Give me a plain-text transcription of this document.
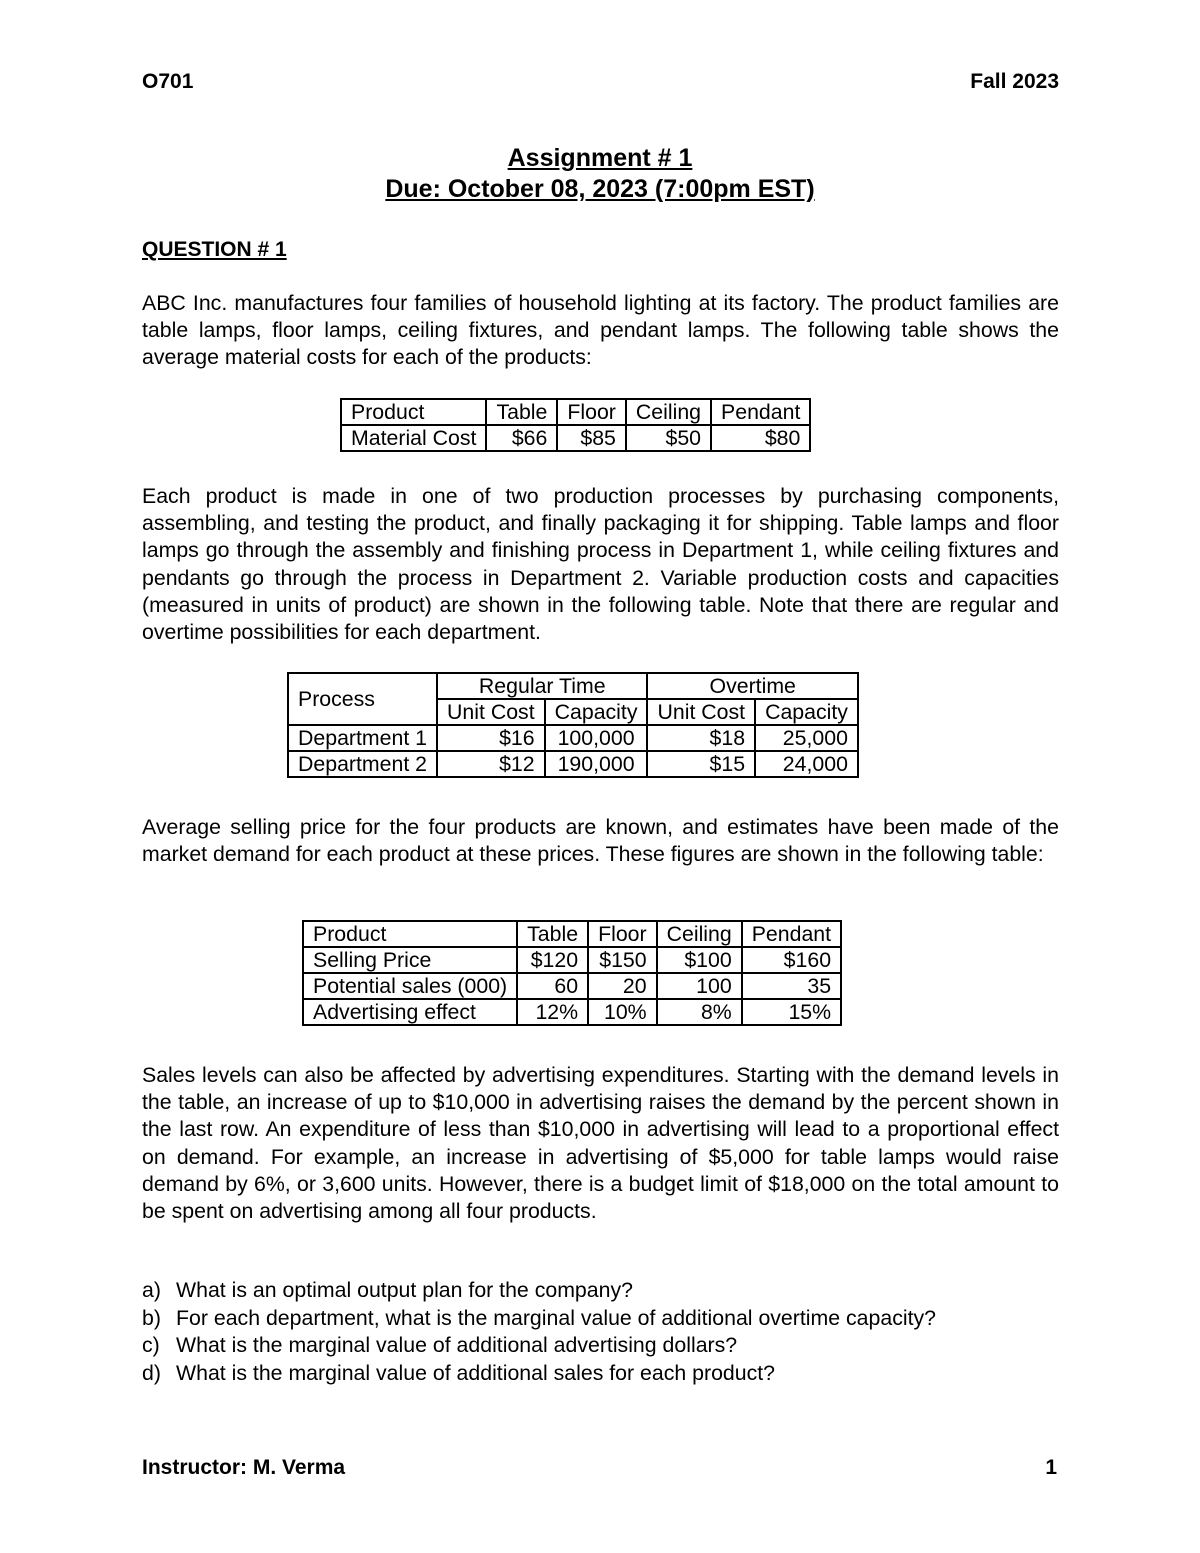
O701	Fall 2023
Assignment # 1
Due: October 08, 2023 (7:00pm EST)
QUESTION # 1

ABC Inc. manufactures four families of household lighting at its factory. The product families are table lamps, floor lamps, ceiling fixtures, and pendant lamps. The following table shows the average material costs for each of the products:

Product	Table	Floor	Ceiling	Pendant
Material Cost	$66	$85	$50	$80

Each product is made in one of two production processes by purchasing components, assembling, and testing the product, and finally packaging it for shipping. Table lamps and floor lamps go through the assembly and finishing process in Department 1, while ceiling fixtures and pendants go through the process in Department 2. Variable production costs and capacities (measured in units of product) are shown in the following table. Note that there are regular and overtime possibilities for each department.

Process	Regular Time		Overtime	
	Unit Cost	Capacity	Unit Cost	Capacity
Department 1	$16	100,000	$18	25,000
Department 2	$12	190,000	$15	24,000

Average selling price for the four products are known, and estimates have been made of the market demand for each product at these prices. These figures are shown in the following table:

Product	Table	Floor	Ceiling	Pendant
Selling Price	$120	$150	$100	$160
Potential sales (000)	60	20	100	35
Advertising effect	12%	10%	8%	15%

Sales levels can also be affected by advertising expenditures. Starting with the demand levels in the table, an increase of up to $10,000 in advertising raises the demand by the percent shown in the last row. An expenditure of less than $10,000 in advertising will lead to a proportional effect on demand. For example, an increase in advertising of $5,000 for table lamps would raise demand by 6%, or 3,600 units. However, there is a budget limit of $18,000 on the total amount to be spent on advertising among all four products.

a) What is an optimal output plan for the company?
b) For each department, what is the marginal value of additional overtime capacity?
c) What is the marginal value of additional advertising dollars?
d) What is the marginal value of additional sales for each product?
Instructor: M. Verma	1
